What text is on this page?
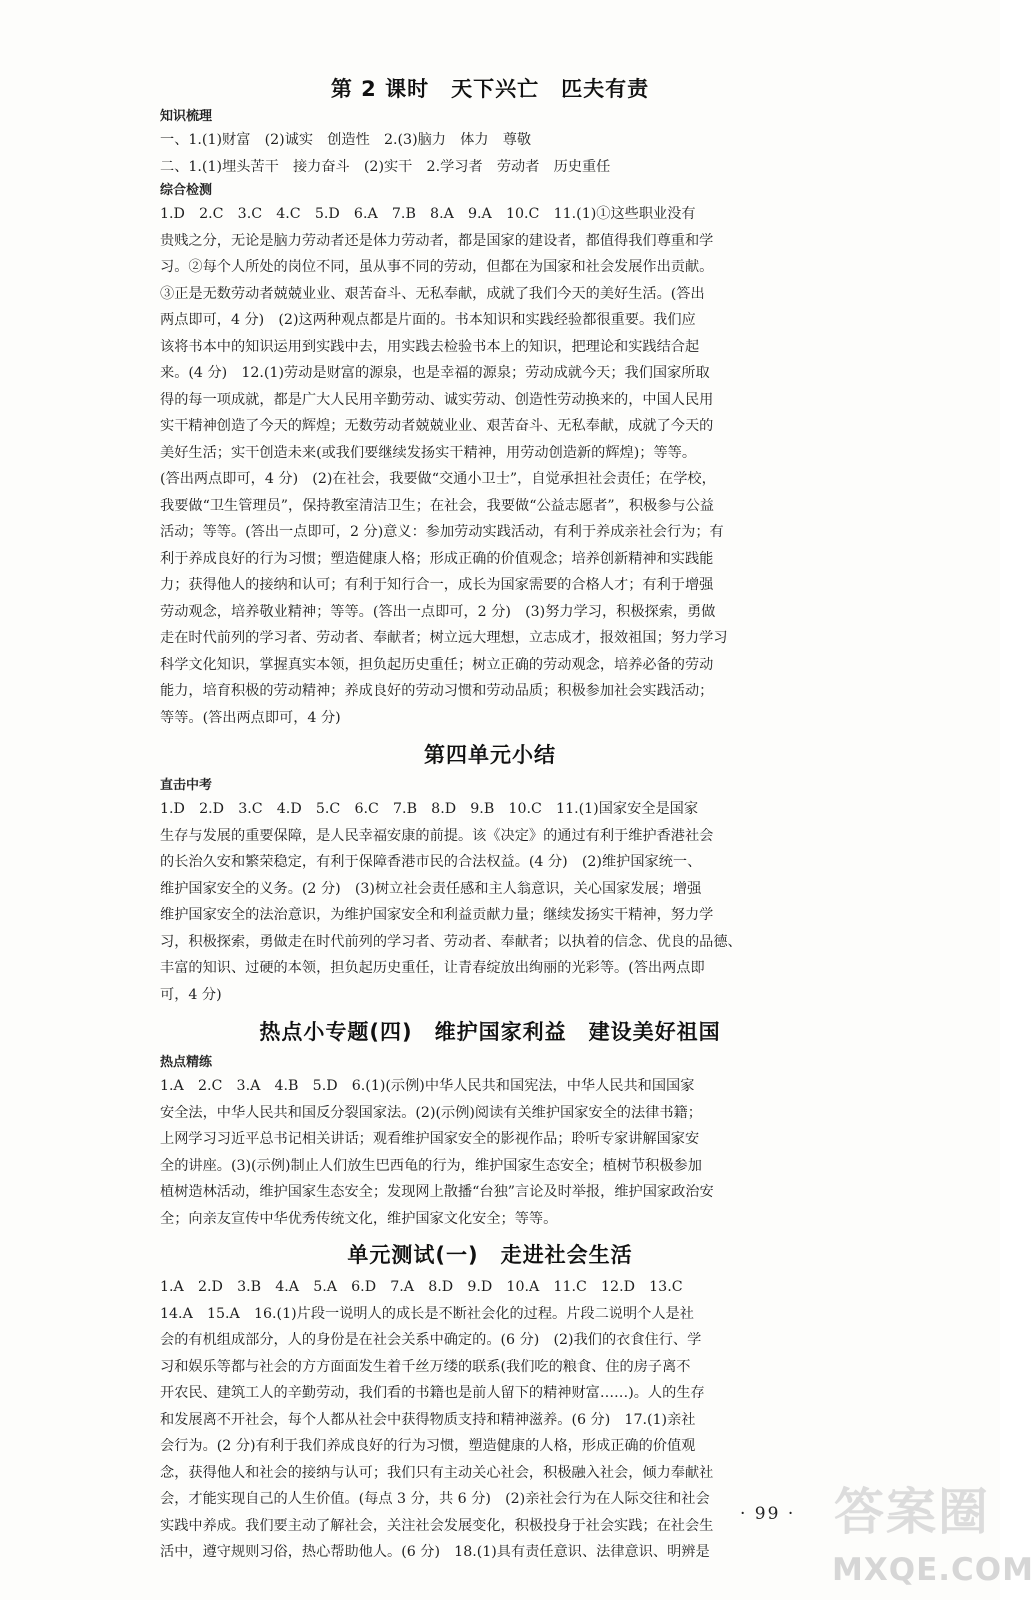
第 2 课时　天下兴亡　匹夫有责

知识梳理

一、1.(1)财富　(2)诚实　创造性　2.(3)脑力　体力　尊敬

二、1.(1)埋头苦干　接力奋斗　(2)实干　2.学习者　劳动者　历史重任

综合检测

1.D　2.C　3.C　4.C　5.D　6.A　7.B　8.A　9.A　10.C　11.(1)①这些职业没有

贵贱之分，无论是脑力劳动者还是体力劳动者，都是国家的建设者，都值得我们尊重和学

习。②每个人所处的岗位不同，虽从事不同的劳动，但都在为国家和社会发展作出贡献。

③正是无数劳动者兢兢业业、艰苦奋斗、无私奉献，成就了我们今天的美好生活。(答出

两点即可，4 分)　(2)这两种观点都是片面的。书本知识和实践经验都很重要。我们应

该将书本中的知识运用到实践中去，用实践去检验书本上的知识，把理论和实践结合起

来。(4 分)　12.(1)劳动是财富的源泉，也是幸福的源泉；劳动成就今天；我们国家所取

得的每一项成就，都是广大人民用辛勤劳动、诚实劳动、创造性劳动换来的，中国人民用

实干精神创造了今天的辉煌；无数劳动者兢兢业业、艰苦奋斗、无私奉献，成就了今天的

美好生活；实干创造未来(或我们要继续发扬实干精神，用劳动创造新的辉煌)；等等。

(答出两点即可，4 分)　(2)在社会，我要做“交通小卫士”，自觉承担社会责任；在学校，

我要做“卫生管理员”，保持教室清洁卫生；在社会，我要做“公益志愿者”，积极参与公益

活动；等等。(答出一点即可，2 分)意义：参加劳动实践活动，有利于养成亲社会行为；有

利于养成良好的行为习惯；塑造健康人格；形成正确的价值观念；培养创新精神和实践能

力；获得他人的接纳和认可；有利于知行合一，成长为国家需要的合格人才；有利于增强

劳动观念，培养敬业精神；等等。(答出一点即可，2 分)　(3)努力学习，积极探索，勇做

走在时代前列的学习者、劳动者、奉献者；树立远大理想，立志成才，报效祖国；努力学习

科学文化知识，掌握真实本领，担负起历史重任；树立正确的劳动观念，培养必备的劳动

能力，培育积极的劳动精神；养成良好的劳动习惯和劳动品质；积极参加社会实践活动；

等等。(答出两点即可，4 分)

第四单元小结

直击中考

1.D　2.D　3.C　4.D　5.C　6.C　7.B　8.D　9.B　10.C　11.(1)国家安全是国家

生存与发展的重要保障，是人民幸福安康的前提。该《决定》的通过有利于维护香港社会

的长治久安和繁荣稳定，有利于保障香港市民的合法权益。(4 分)　(2)维护国家统一、

维护国家安全的义务。(2 分)　(3)树立社会责任感和主人翁意识，关心国家发展；增强

维护国家安全的法治意识，为维护国家安全和利益贡献力量；继续发扬实干精神，努力学

习，积极探索，勇做走在时代前列的学习者、劳动者、奉献者；以执着的信念、优良的品德、

丰富的知识、过硬的本领，担负起历史重任，让青春绽放出绚丽的光彩等。(答出两点即

可，4 分)

热点小专题(四)　维护国家利益　建设美好祖国

热点精练

1.A　2.C　3.A　4.B　5.D　6.(1)(示例)中华人民共和国宪法，中华人民共和国国家

安全法，中华人民共和国反分裂国家法。(2)(示例)阅读有关维护国家安全的法律书籍；

上网学习习近平总书记相关讲话；观看维护国家安全的影视作品；聆听专家讲解国家安

全的讲座。(3)(示例)制止人们放生巴西龟的行为，维护国家生态安全；植树节积极参加

植树造林活动，维护国家生态安全；发现网上散播“台独”言论及时举报，维护国家政治安

全；向亲友宣传中华优秀传统文化，维护国家文化安全；等等。

单元测试(一)　走进社会生活

1.A　2.D　3.B　4.A　5.A　6.D　7.A　8.D　9.D　10.A　11.C　12.D　13.C

14.A　15.A　16.(1)片段一说明人的成长是不断社会化的过程。片段二说明个人是社

会的有机组成部分，人的身份是在社会关系中确定的。(6 分)　(2)我们的衣食住行、学

习和娱乐等都与社会的方方面面发生着千丝万缕的联系(我们吃的粮食、住的房子离不

开农民、建筑工人的辛勤劳动，我们看的书籍也是前人留下的精神财富……)。人的生存

和发展离不开社会，每个人都从社会中获得物质支持和精神滋养。(6 分)　17.(1)亲社

会行为。(2 分)有利于我们养成良好的行为习惯，塑造健康的人格，形成正确的价值观

念，获得他人和社会的接纳与认可；我们只有主动关心社会，积极融入社会，倾力奉献社

会，才能实现自己的人生价值。(每点 3 分，共 6 分)　(2)亲社会行为在人际交往和社会

实践中养成。我们要主动了解社会，关注社会发展变化，积极投身于社会实践；在社会生

活中，遵守规则习俗，热心帮助他人。(6 分)　18.(1)具有责任意识、法律意识、明辨是

· 99 · 答案圈
MXQE.COM
